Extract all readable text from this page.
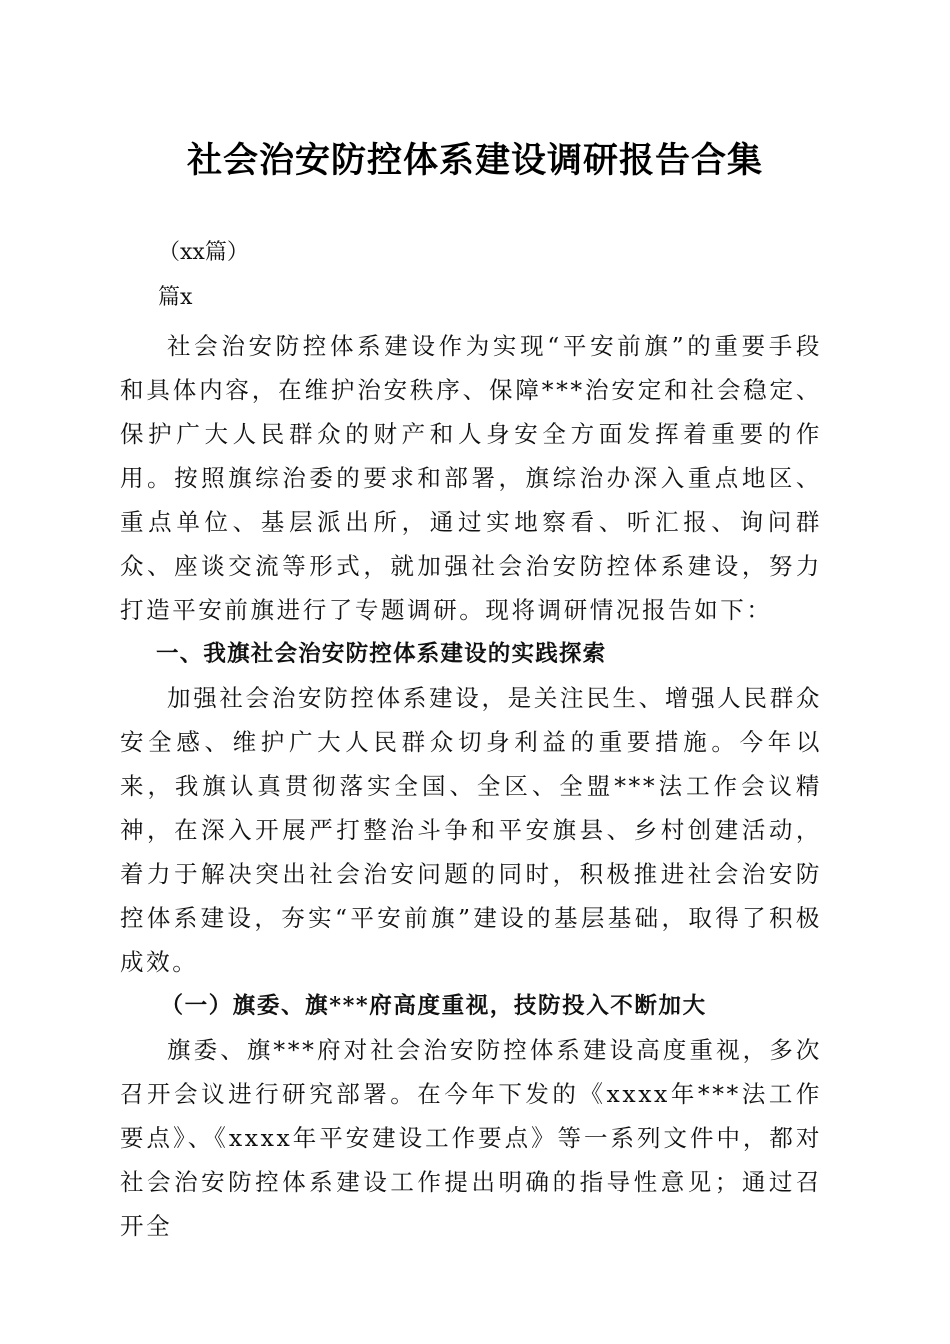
社会治安防控体系建设调研报告合集
（xx篇）
篇x

社会治安防控体系建设作为实现“平安前旗”的重要手段和具体内容，在维护治安秩序、保障***治安定和社会稳定、保护广大人民群众的财产和人身安全方面发挥着重要的作用。按照旗综治委的要求和部署，旗综治办深入重点地区、重点单位、基层派出所，通过实地察看、听汇报、询问群众、座谈交流等形式，就加强社会治安防控体系建设，努力打造平安前旗进行了专题调研。现将调研情况报告如下：

一、我旗社会治安防控体系建设的实践探索

加强社会治安防控体系建设，是关注民生、增强人民群众安全感、维护广大人民群众切身利益的重要措施。今年以来，我旗认真贯彻落实全国、全区、全盟***法工作会议精神，在深入开展严打整治斗争和平安旗县、乡村创建活动，着力于解决突出社会治安问题的同时，积极推进社会治安防控体系建设，夯实“平安前旗”建设的基层基础，取得了积极成效。

（一）旗委、旗***府高度重视，技防投入不断加大

旗委、旗***府对社会治安防控体系建设高度重视，多次召开会议进行研究部署。在今年下发的《xxxx年***法工作要点》、《xxxx年平安建设工作要点》等一系列文件中，都对社会治安防控体系建设工作提出明确的指导性意见；通过召开全
